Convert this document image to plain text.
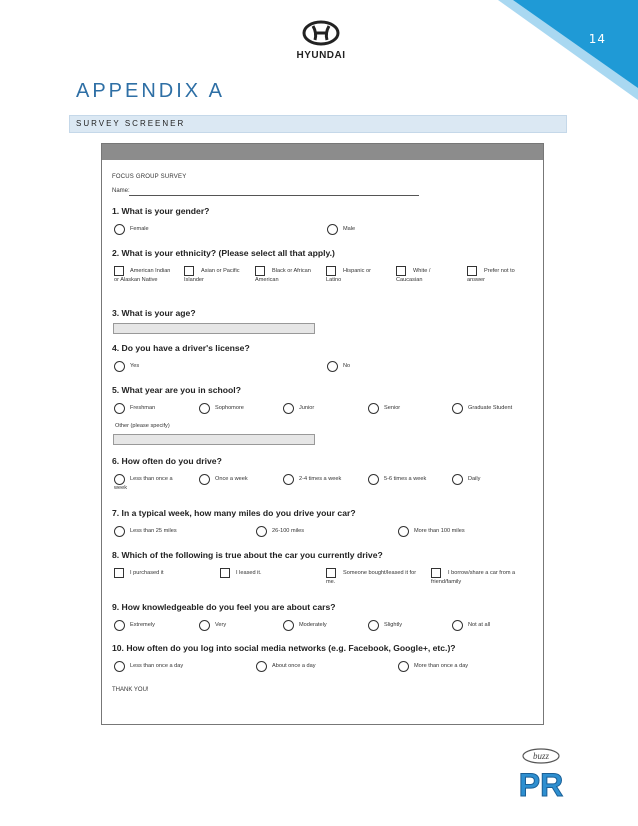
14
HYUNDAI
APPENDIX A
SURVEY SCREENER
FOCUS GROUP SURVEY
Name:
1. What is your gender?
Female	Male
2. What is your ethnicity? (Please select all that apply.)
American Indian or Alaskan Native
Asian or Pacific Islander
Black or African American
Hispanic or Latino
White / Caucasian
Prefer not to answer
3. What is your age?
4. Do you have a driver's license?
Yes	No
5. What year are you in school?
Freshman	Sophomore	Junior	Senior	Graduate Student
Other (please specify)
6. How often do you drive?
Less than once a week
Once a week	2-4 times a week	5-6 times a week	Daily
7. In a typical week, how many miles do you drive your car?
Less than 25 miles	26-100 miles	More than 100 miles
8. Which of the following is true about the car you currently drive?
I purchased it	I leased it.	Someone bought/leased it for me.
I borrow/share a car from a friend/family
9. How knowledgeable do you feel you are about cars?
Extremely	Very	Moderately	Slightly	Not at all
10. How often do you log into social media networks (e.g. Facebook, Google+, etc.)?
Less than once a day	About once a day	More than once a day
THANK YOU!
buzz
PR
